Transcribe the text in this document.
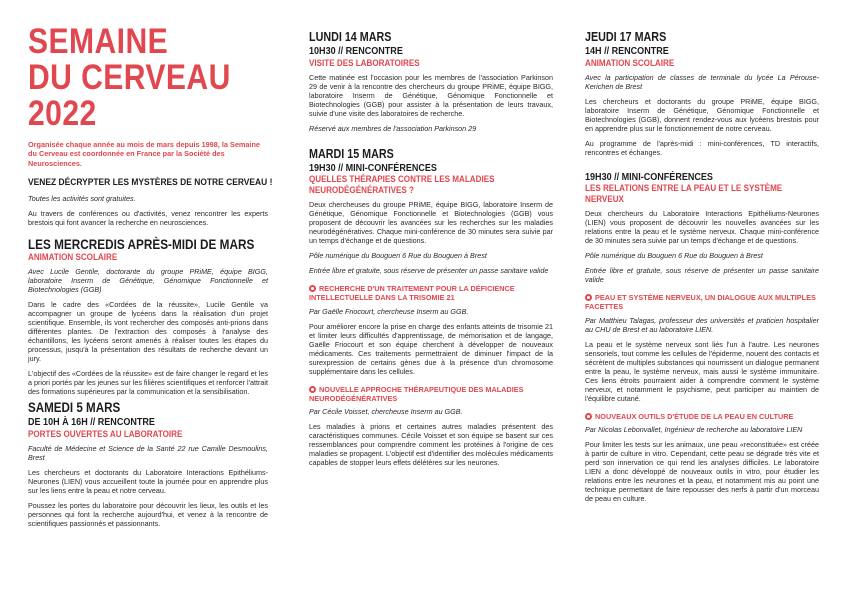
SEMAINE
DU CERVEAU
2022
Organisée chaque année au mois de mars depuis 1998, la Semaine du Cerveau est coordonnée en France par la Société des Neurosciences.
VENEZ DÉCRYPTER LES MYSTÈRES DE NOTRE CERVEAU !

Toutes les activités sont gratuites.

Au travers de conférences ou d'activités, venez rencontrer les experts brestois qui font avancer la recherche en neurosciences.

LES MERCREDIS APRÈS-MIDI DE MARS
ANIMATION SCOLAIRE

Avec Lucile Gentile, doctorante du groupe PRiME, équipe BIGG, laboratoire Inserm de Génétique, Génomique Fonctionnelle et Biotechnologies (GGB)

Dans le cadre des «Cordées de la réussite», Lucile Gentile va accompagner un groupe de lycéens dans la réalisation d'un projet scientifique. Ensemble, ils vont rechercher des composés anti-prions dans différentes plantes. De l'extraction des composés à l'analyse des échantillons, les lycéens seront amenés à réaliser toutes les étapes du processus, jusqu'à la présentation des résultats de recherche devant un jury.

L'objectif des «Cordées de la réussite» est de faire changer le regard et les a priori portés par les jeunes sur les filières scientifiques et renforcer l'attrait des formations supérieures par la communication et la sensibilisation.

SAMEDI 5 MARS
DE 10H À 16H // RENCONTRE
PORTES OUVERTES AU LABORATOIRE

Faculté de Médecine et Science de la Santé 22 rue Camille Desmoulins, Brest

Les chercheurs et doctorants du Laboratoire Interactions Epithéliums-Neurones (LIEN) vous accueillent toute la journée pour en apprendre plus sur les liens entre la peau et notre cerveau.

Poussez les portes du laboratoire pour découvrir les lieux, les outils et les personnes qui font la recherche aujourd'hui, et venez à la rencontre de scientifiques passionnés et passionnants.

LUNDI 14 MARS
10H30 // RENCONTRE
VISITE DES LABORATOIRES

Cette matinée est l'occasion pour les membres de l'association Parkinson 29 de venir à la rencontre des chercheurs du groupe PRiME, équipe BIGG, laboratoire Inserm de Génétique, Génomique Fonctionnelle et Biotechnologies (GGB) pour assister à la présentation de leurs travaux, suivie d'une visite des laboratoires de recherche.

Réservé aux membres de l'association Parkinson 29

MARDI 15 MARS
19H30 // MINI-CONFÉRENCES
QUELLES THÉRAPIES CONTRE LES MALADIES NEURODÉGÉNÉRATIVES ?

Deux chercheuses du groupe PRiME, équipe BIGG, laboratoire Inserm de Génétique, Génomique Fonctionnelle et Biotechnologies (GGB) vous proposent de découvrir les avancées sur les recherches sur les maladies neurodégénératives. Chaque mini-conférence de 30 minutes sera suivie par un temps d'échange et de questions.

Pôle numérique du Bouguen 6 Rue du Bouguen à Brest

Entrée libre et gratuite, sous réserve de présenter un passe sanitaire valide

RECHERCHE D'UN TRAITEMENT POUR LA DÉFICIENCE INTELLECTUELLE DANS LA TRISOMIE 21

Par Gaëlle Friocourt, chercheuse Inserm au GGB.

Pour améliorer encore la prise en charge des enfants atteints de trisomie 21 et limiter leurs difficultés d'apprentissage, de mémorisation et de langage, Gaëlle Friocourt et son équipe cherchent à développer de nouveaux médicaments. Ces traitements permettraient de diminuer l'impact de la surexpression de certains gènes due à la présence d'un chromosome supplémentaire dans les cellules.

NOUVELLE APPROCHE THÉRAPEUTIQUE DES MALADIES NEURODÉGÉNÉRATIVES

Par Cécile Voisset, chercheuse Inserm au GGB.

Les maladies à prions et certaines autres maladies présentent des caractéristiques communes. Cécile Voisset et son équipe se basent sur ces ressemblances pour comprendre comment les protéines à l'origine de ces maladies se propagent. L'objectif est d'identifier des molécules médicaments capables de stopper leurs effets délétères sur les neurones.

JEUDI 17 MARS
14H // RENCONTRE
ANIMATION SCOLAIRE

Avec la participation de classes de terminale du lycée La Pérouse-Kerichen de Brest

Les chercheurs et doctorants du groupe PRiME, équipe BIGG, laboratoire Inserm de Génétique, Génomique Fonctionnelle et Biotechnologies (GGB), donnent rendez-vous aux lycéens brestois pour en apprendre plus sur le fonctionnement de notre cerveau.

Au programme de l'après-midi : mini-conférences, TD interactifs, rencontres et échanges.

19H30 // MINI-CONFÉRENCES
LES RELATIONS ENTRE LA PEAU ET LE SYSTÈME NERVEUX

Deux chercheurs du Laboratoire Interactions Epithéliums-Neurones (LIEN) vous proposent de découvrir les nouvelles avancées sur les relations entre la peau et le système nerveux. Chaque mini-conférence de 30 minutes sera suivie par un temps d'échange et de questions.

Pôle numérique du Bouguen 6 Rue du Bouguen à Brest

Entrée libre et gratuite, sous réserve de présenter un passe sanitaire valide

PEAU ET SYSTÈME NERVEUX, UN DIALOGUE AUX MULTIPLES FACETTES

Par Matthieu Talagas, professeur des universités et praticien hospitalier au CHU de Brest et au laboratoire LIEN.

La peau et le système nerveux sont liés l'un à l'autre. Les neurones sensoriels, tout comme les cellules de l'épiderme, nouent des contacts et sécrètent de multiples substances qui nourrissent un dialogue permanent entre la peau, le système nerveux, mais aussi le système immunitaire. Ces liens étroits pourraient aider à comprendre comment le système nerveux, et notamment le psychisme, peut participer au maintien de l'équilibre cutané.

NOUVEAUX OUTILS D'ÉTUDE DE LA PEAU EN CULTURE

Par Nicolas Lebonvallet, Ingénieur de recherche au laboratoire LIEN

Pour limiter les tests sur les animaux, une peau «reconstituée» est créée à partir de culture in vitro. Cependant, cette peau se dégrade très vite et perd son innervation ce qui rend les analyses difficiles. Le laboratoire LIEN a donc développé de nouveaux outils in vitro, pour étudier les relations entre les neurones et la peau, et notamment mis au point une technique permettant de faire repousser des nerfs à partir d'un morceau de peau en culture.
